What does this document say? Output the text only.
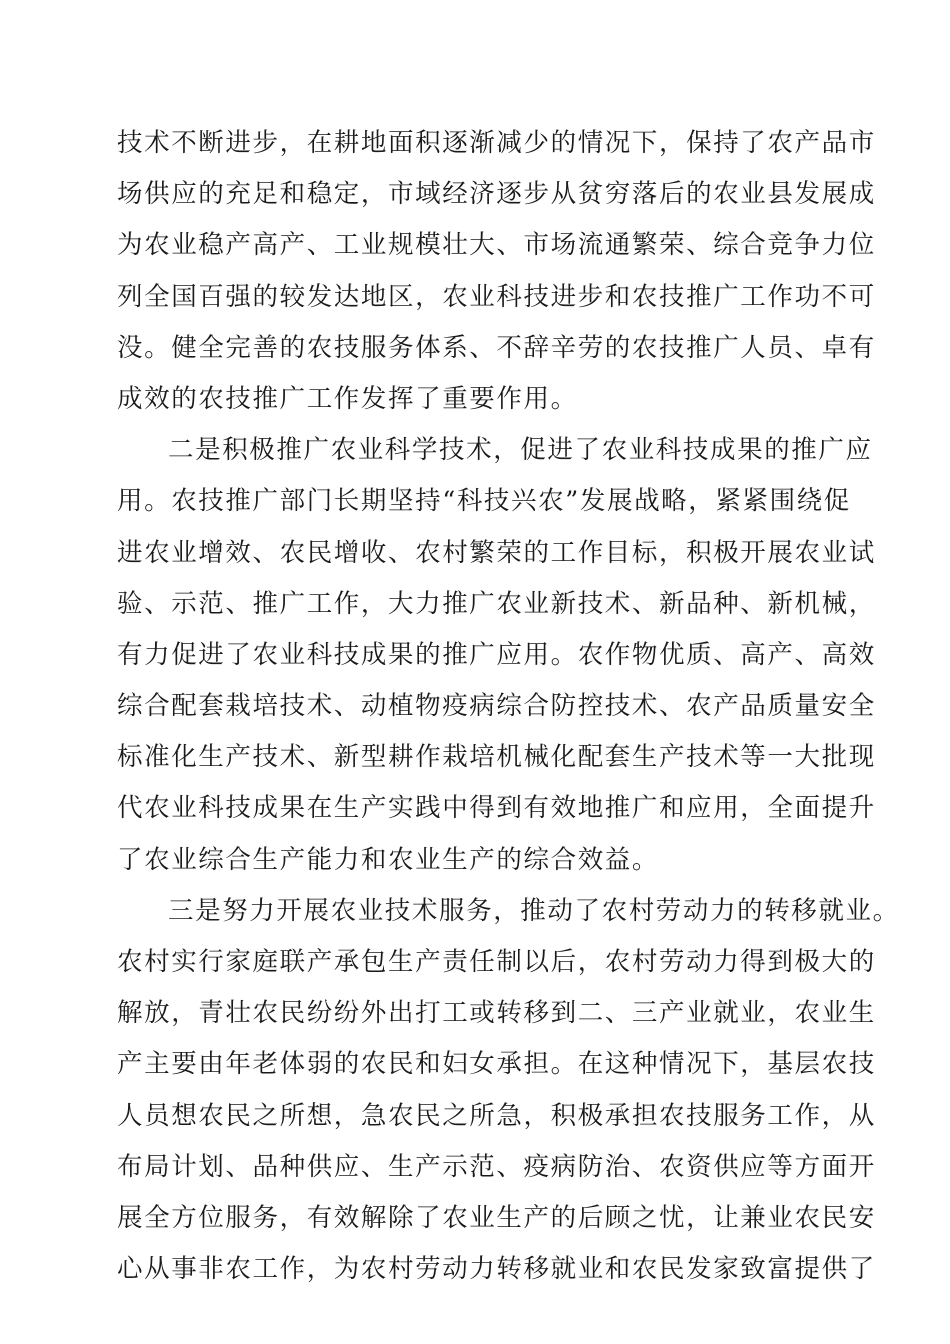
技术不断进步，在耕地面积逐渐减少的情况下，保持了农产品市
场供应的充足和稳定，市域经济逐步从贫穷落后的农业县发展成
为农业稳产高产、工业规模壮大、市场流通繁荣、综合竞争力位
列全国百强的较发达地区，农业科技进步和农技推广工作功不可
没。健全完善的农技服务体系、不辞辛劳的农技推广人员、卓有
成效的农技推广工作发挥了重要作用。
二是积极推广农业科学技术，促进了农业科技成果的推广应
用。农技推广部门长期坚持“科技兴农”发展战略，紧紧围绕促
进农业增效、农民增收、农村繁荣的工作目标，积极开展农业试
验、示范、推广工作，大力推广农业新技术、新品种、新机械，
有力促进了农业科技成果的推广应用。农作物优质、高产、高效
综合配套栽培技术、动植物疫病综合防控技术、农产品质量安全
标准化生产技术、新型耕作栽培机械化配套生产技术等一大批现
代农业科技成果在生产实践中得到有效地推广和应用，全面提升
了农业综合生产能力和农业生产的综合效益。
三是努力开展农业技术服务，推动了农村劳动力的转移就业。
农村实行家庭联产承包生产责任制以后，农村劳动力得到极大的
解放，青壮农民纷纷外出打工或转移到二、三产业就业，农业生
产主要由年老体弱的农民和妇女承担。在这种情况下，基层农技
人员想农民之所想，急农民之所急，积极承担农技服务工作，从
布局计划、品种供应、生产示范、疫病防治、农资供应等方面开
展全方位服务，有效解除了农业生产的后顾之忧，让兼业农民安
心从事非农工作，为农村劳动力转移就业和农民发家致富提供了
